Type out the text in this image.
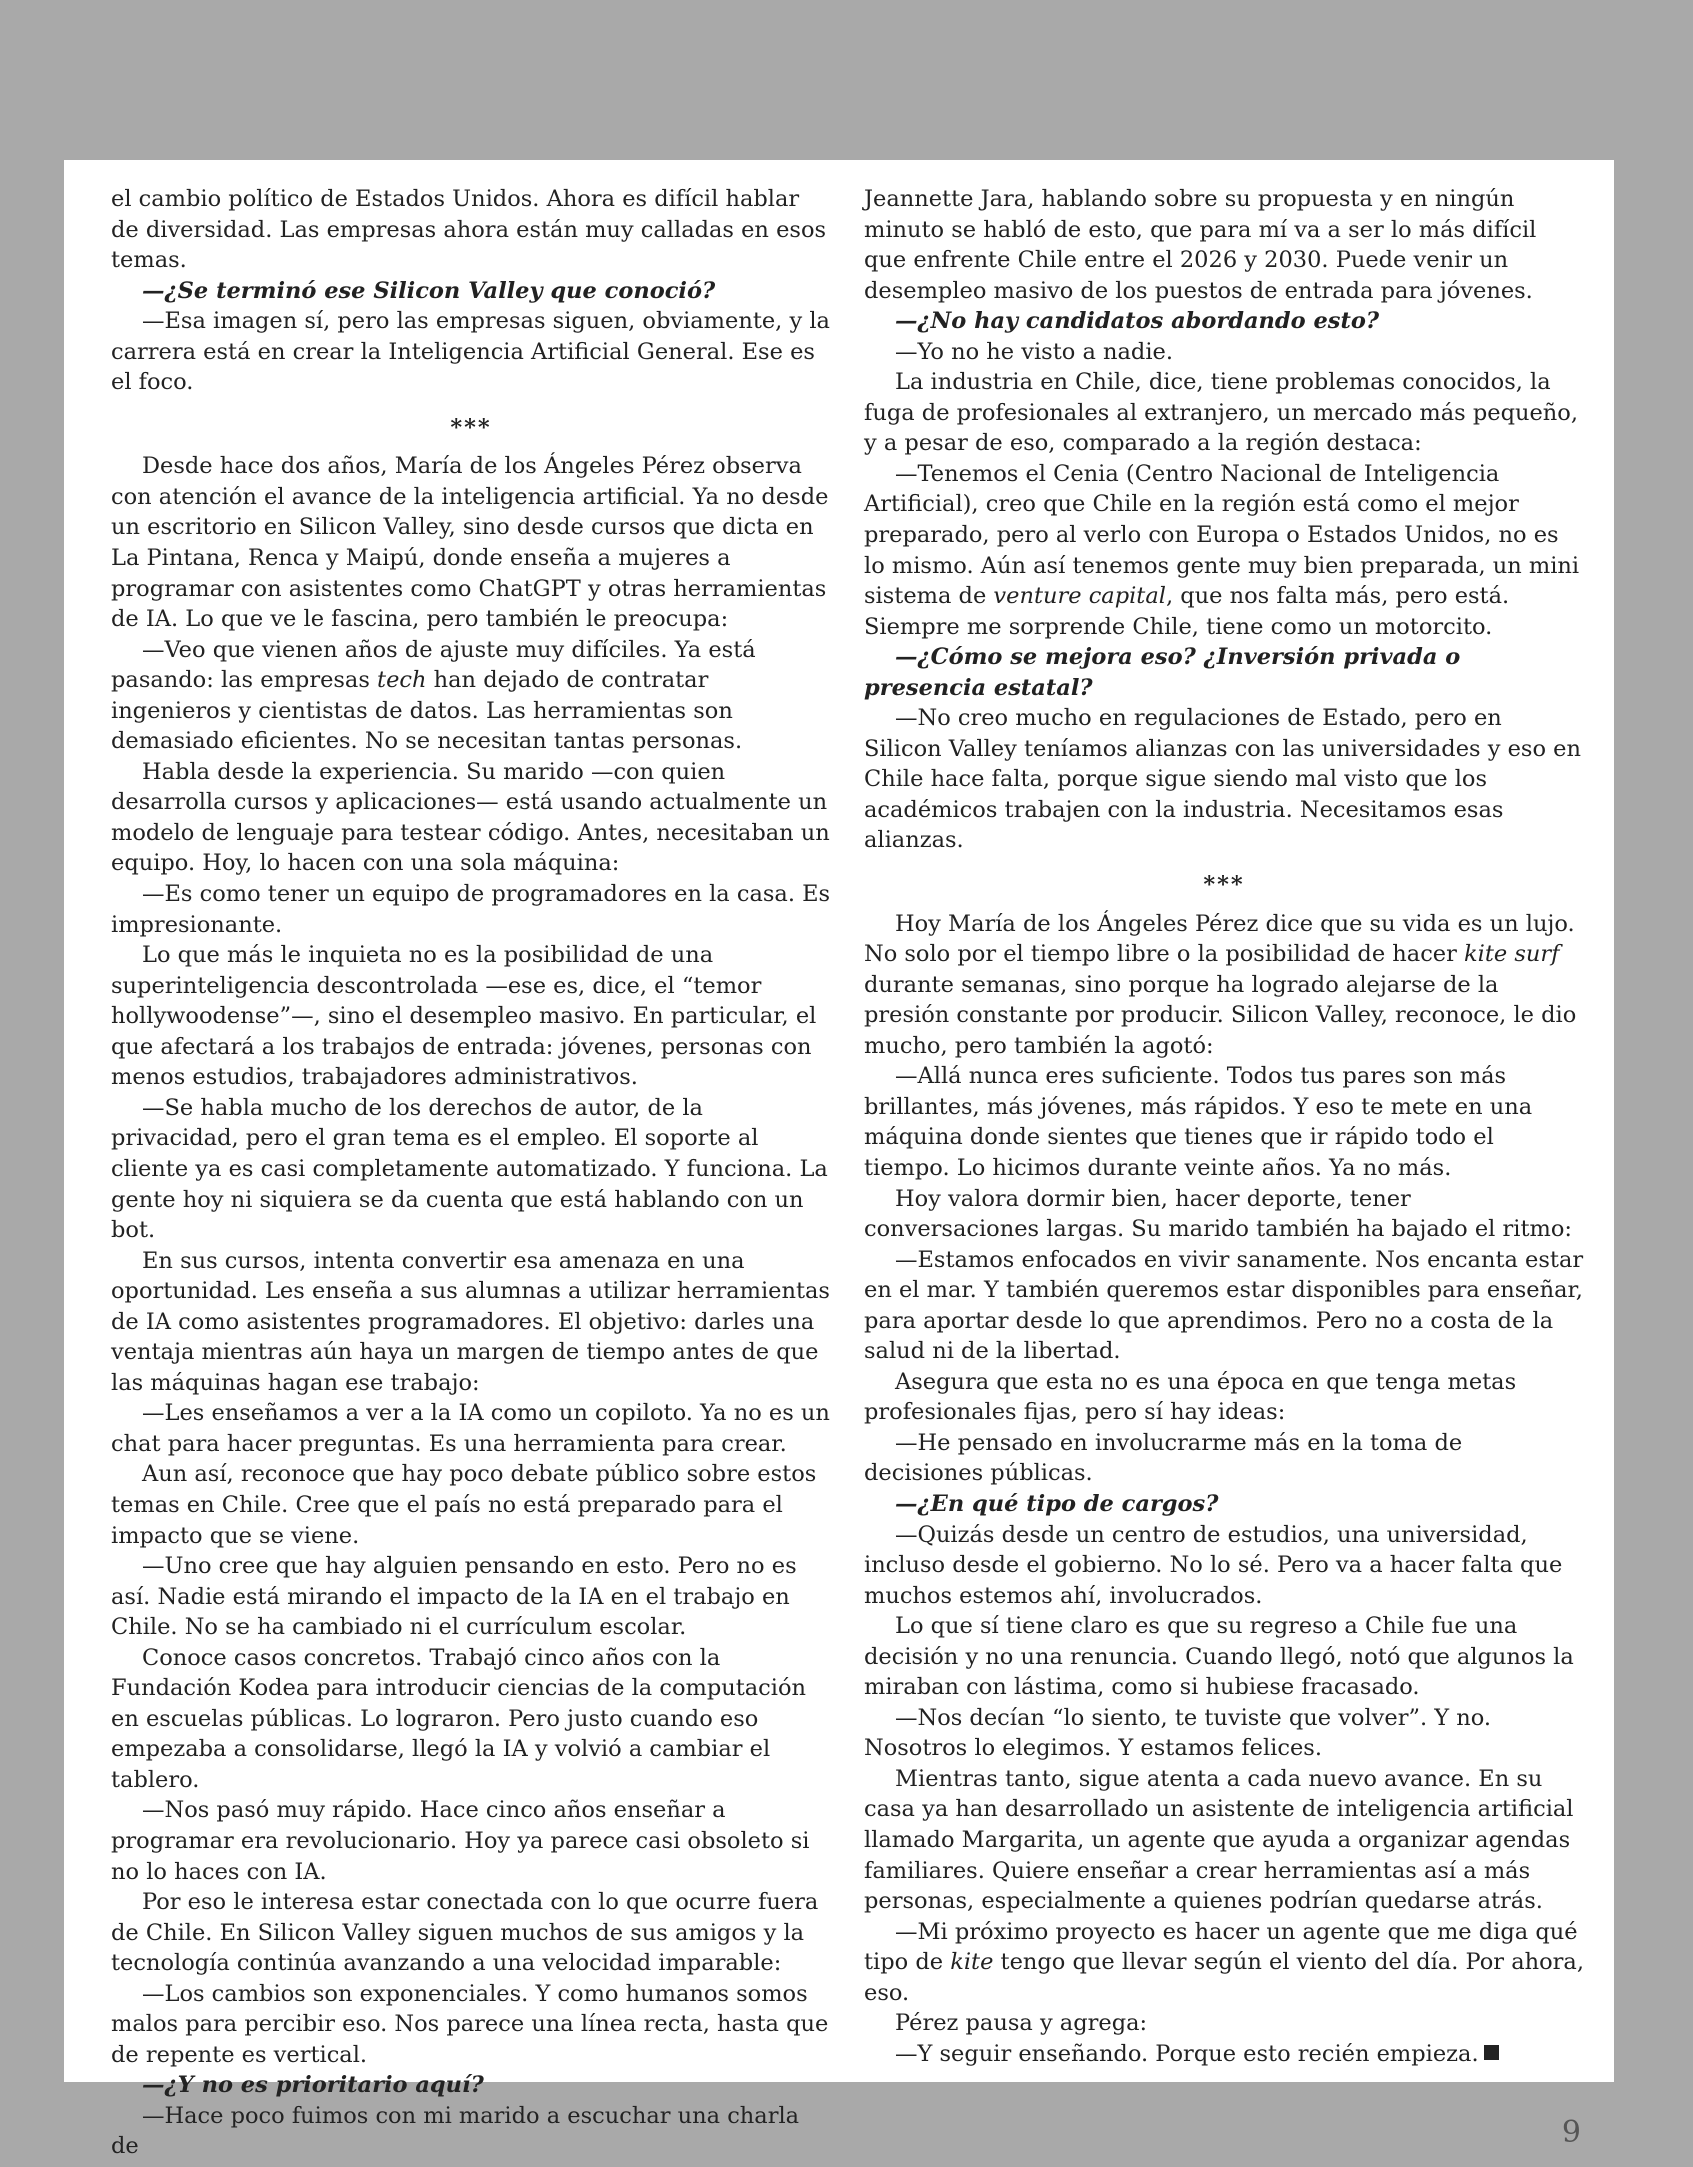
el cambio político de Estados Unidos. Ahora es difícil hablar de diversidad. Las empresas ahora están muy calladas en esos temas.

—¿Se terminó ese Silicon Valley que conoció?

—Esa imagen sí, pero las empresas siguen, obviamente, y la carrera está en crear la Inteligencia Artificial General. Ese es el foco.

***

Desde hace dos años, María de los Ángeles Pérez observa con atención el avance de la inteligencia artificial. Ya no desde un escritorio en Silicon Valley, sino desde cursos que dicta en La Pintana, Renca y Maipú, donde enseña a mujeres a programar con asistentes como ChatGPT y otras herramientas de IA. Lo que ve le fascina, pero también le preocupa:

—Veo que vienen años de ajuste muy difíciles. Ya está pasando: las empresas tech han dejado de contratar ingenieros y cientistas de datos. Las herramientas son demasiado eficientes. No se necesitan tantas personas.

Habla desde la experiencia. Su marido —con quien desarrolla cursos y aplicaciones— está usando actualmente un modelo de lenguaje para testear código. Antes, necesitaban un equipo. Hoy, lo hacen con una sola máquina:

—Es como tener un equipo de programadores en la casa. Es impresionante.

Lo que más le inquieta no es la posibilidad de una superinteligencia descontrolada —ese es, dice, el “temor hollywoodense”—, sino el desempleo masivo. En particular, el que afectará a los trabajos de entrada: jóvenes, personas con menos estudios, trabajadores administrativos.

—Se habla mucho de los derechos de autor, de la privacidad, pero el gran tema es el empleo. El soporte al cliente ya es casi completamente automatizado. Y funciona. La gente hoy ni siquiera se da cuenta que está hablando con un bot.

En sus cursos, intenta convertir esa amenaza en una oportunidad. Les enseña a sus alumnas a utilizar herramientas de IA como asistentes programadores. El objetivo: darles una ventaja mientras aún haya un margen de tiempo antes de que las máquinas hagan ese trabajo:

—Les enseñamos a ver a la IA como un copiloto. Ya no es un chat para hacer preguntas. Es una herramienta para crear.

Aun así, reconoce que hay poco debate público sobre estos temas en Chile. Cree que el país no está preparado para el impacto que se viene.

—Uno cree que hay alguien pensando en esto. Pero no es así. Nadie está mirando el impacto de la IA en el trabajo en Chile. No se ha cambiado ni el currículum escolar.

Conoce casos concretos. Trabajó cinco años con la Fundación Kodea para introducir ciencias de la computación en escuelas públicas. Lo lograron. Pero justo cuando eso empezaba a consolidarse, llegó la IA y volvió a cambiar el tablero.

—Nos pasó muy rápido. Hace cinco años enseñar a programar era revolucionario. Hoy ya parece casi obsoleto si no lo haces con IA.

Por eso le interesa estar conectada con lo que ocurre fuera de Chile. En Silicon Valley siguen muchos de sus amigos y la tecnología continúa avanzando a una velocidad imparable:

—Los cambios son exponenciales. Y como humanos somos malos para percibir eso. Nos parece una línea recta, hasta que de repente es vertical.

—¿Y no es prioritario aquí?

—Hace poco fuimos con mi marido a escuchar una charla de

Jeannette Jara, hablando sobre su propuesta y en ningún minuto se habló de esto, que para mí va a ser lo más difícil que enfrente Chile entre el 2026 y 2030. Puede venir un desempleo masivo de los puestos de entrada para jóvenes.

—¿No hay candidatos abordando esto?

—Yo no he visto a nadie.

La industria en Chile, dice, tiene problemas conocidos, la fuga de profesionales al extranjero, un mercado más pequeño, y a pesar de eso, comparado a la región destaca:

—Tenemos el Cenia (Centro Nacional de Inteligencia Artificial), creo que Chile en la región está como el mejor preparado, pero al verlo con Europa o Estados Unidos, no es lo mismo. Aún así tenemos gente muy bien preparada, un mini sistema de venture capital, que nos falta más, pero está. Siempre me sorprende Chile, tiene como un motorcito.

—¿Cómo se mejora eso? ¿Inversión privada o presencia estatal?

—No creo mucho en regulaciones de Estado, pero en Silicon Valley teníamos alianzas con las universidades y eso en Chile hace falta, porque sigue siendo mal visto que los académicos trabajen con la industria. Necesitamos esas alianzas.

***

Hoy María de los Ángeles Pérez dice que su vida es un lujo. No solo por el tiempo libre o la posibilidad de hacer kite surf durante semanas, sino porque ha logrado alejarse de la presión constante por producir. Silicon Valley, reconoce, le dio mucho, pero también la agotó:

—Allá nunca eres suficiente. Todos tus pares son más brillantes, más jóvenes, más rápidos. Y eso te mete en una máquina donde sientes que tienes que ir rápido todo el tiempo. Lo hicimos durante veinte años. Ya no más.

Hoy valora dormir bien, hacer deporte, tener conversaciones largas. Su marido también ha bajado el ritmo:

—Estamos enfocados en vivir sanamente. Nos encanta estar en el mar. Y también queremos estar disponibles para enseñar, para aportar desde lo que aprendimos. Pero no a costa de la salud ni de la libertad.

Asegura que esta no es una época en que tenga metas profesionales fijas, pero sí hay ideas:

—He pensado en involucrarme más en la toma de decisiones públicas.

—¿En qué tipo de cargos?

—Quizás desde un centro de estudios, una universidad, incluso desde el gobierno. No lo sé. Pero va a hacer falta que muchos estemos ahí, involucrados.

Lo que sí tiene claro es que su regreso a Chile fue una decisión y no una renuncia. Cuando llegó, notó que algunos la miraban con lástima, como si hubiese fracasado.

—Nos decían “lo siento, te tuviste que volver”. Y no. Nosotros lo elegimos. Y estamos felices.

Mientras tanto, sigue atenta a cada nuevo avance. En su casa ya han desarrollado un asistente de inteligencia artificial llamado Margarita, un agente que ayuda a organizar agendas familiares. Quiere enseñar a crear herramientas así a más personas, especialmente a quienes podrían quedarse atrás.

—Mi próximo proyecto es hacer un agente que me diga qué tipo de kite tengo que llevar según el viento del día. Por ahora, eso.

Pérez pausa y agrega:

—Y seguir enseñando. Porque esto recién empieza.

9
